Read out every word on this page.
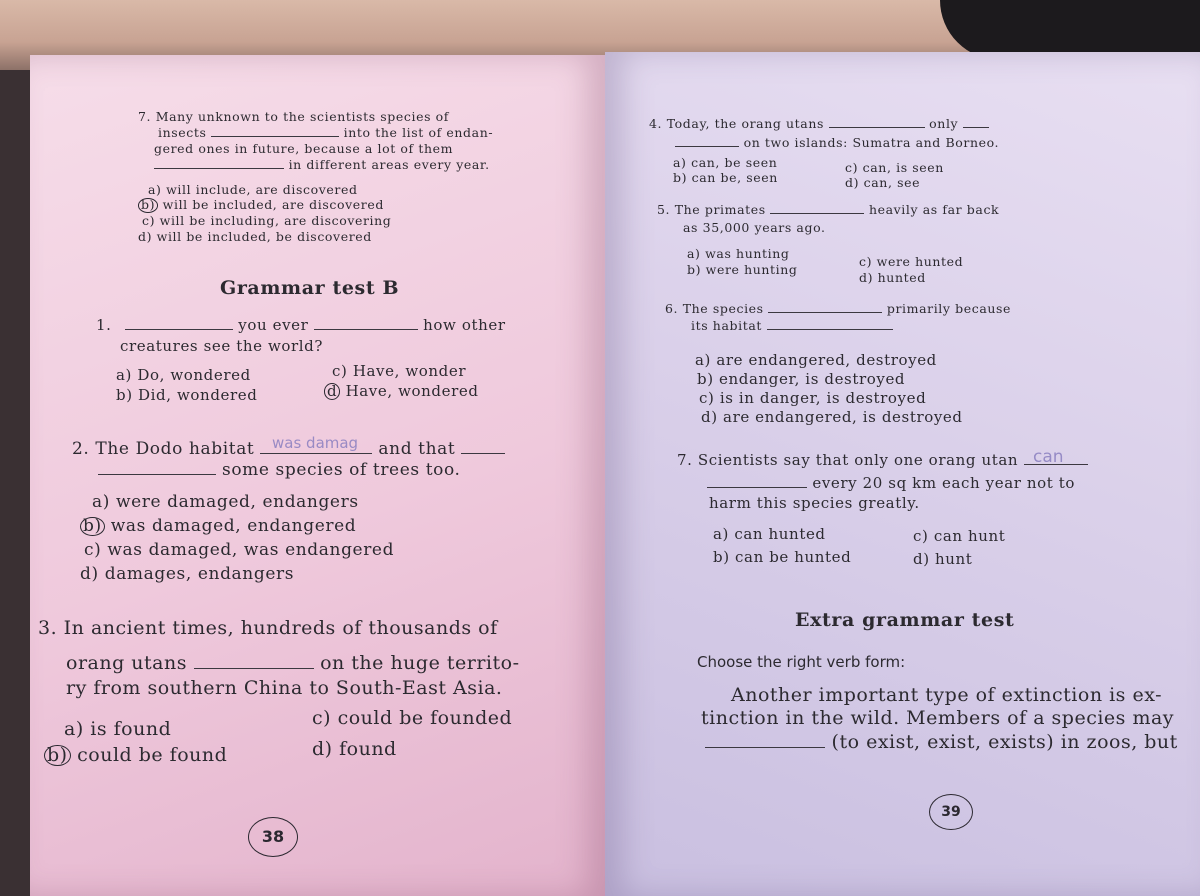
7. Many unknown to the scientists species of
insects	into the list of endan-
gered ones in future, because a lot of them
in different areas every year.
a) will include, are discovered
b) will be included, are discovered
c) will be including, are discovering
d) will be included, be discovered
Grammar test B
1.	you ever	how other
creatures see the world?
a) Do, wondered
b) Did, wondered
c) Have, wonder
d Have, wondered
2. The Dodo habitat	and that
was damag
some species of trees too.
a) were damaged, endangers
b) was damaged, endangered
c) was damaged, was endangered
d) damages, endangers
3. In ancient times, hundreds of thousands of
orang utans	on the huge territo-
ry from southern China to South-East Asia.
a) is found
b) could be found
c) could be founded
d) found
38
4. Today, the orang utans	only
on two islands: Sumatra and Borneo.
a) can, be seen
b) can be, seen
c) can, is seen
d) can, see
5. The primates	heavily as far back
as 35,000 years ago.
a) was hunting
b) were hunting
c) were hunted
d) hunted
6. The species	primarily because
its habitat
a) are endangered, destroyed
b) endanger, is destroyed
c) is in danger, is destroyed
d) are endangered, is destroyed
7. Scientists say that only one orang utan can
every 20 sq km each year not to
harm this species greatly.
a) can hunted
b) can be hunted
c) can hunt
d) hunt
Extra grammar test
Choose the right verb form:
Another important type of extinction is ex-
tinction in the wild. Members of a species may
(to exist, exist, exists) in zoos, but
39
